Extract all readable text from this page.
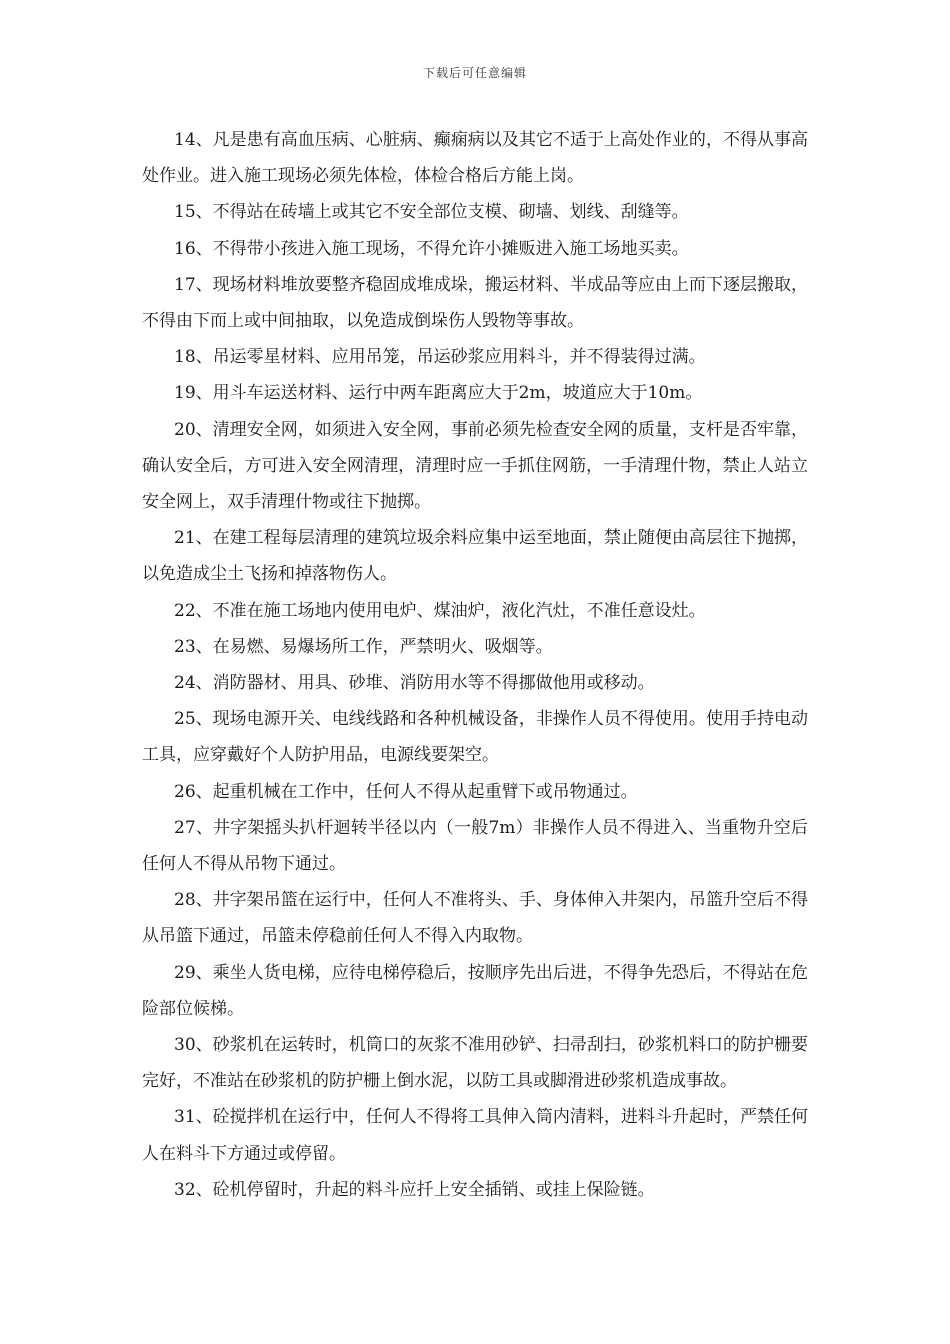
下载后可任意编辑

14、凡是患有高血压病、心脏病、癫痫病以及其它不适于上高处作业的，不得从事高处作业。进入施工现场必须先体检，体检合格后方能上岗。

15、不得站在砖墙上或其它不安全部位支模、砌墙、划线、刮缝等。

16、不得带小孩进入施工现场，不得允许小摊贩进入施工场地买卖。

17、现场材料堆放要整齐稳固成堆成垛，搬运材料、半成品等应由上而下逐层搬取，不得由下而上或中间抽取，以免造成倒垛伤人毁物等事故。

18、吊运零星材料、应用吊笼，吊运砂浆应用料斗，并不得装得过满。

19、用斗车运送材料、运行中两车距离应大于2m，坡道应大于10m。

20、清理安全网，如须进入安全网，事前必须先检查安全网的质量，支杆是否牢靠，确认安全后，方可进入安全网清理，清理时应一手抓住网筋，一手清理什物，禁止人站立安全网上，双手清理什物或往下抛掷。

21、在建工程每层清理的建筑垃圾余料应集中运至地面，禁止随便由高层往下抛掷，以免造成尘土飞扬和掉落物伤人。

22、不准在施工场地内使用电炉、煤油炉，液化汽灶，不准任意设灶。

23、在易燃、易爆场所工作，严禁明火、吸烟等。

24、消防器材、用具、砂堆、消防用水等不得挪做他用或移动。

25、现场电源开关、电线线路和各种机械设备，非操作人员不得使用。使用手持电动工具，应穿戴好个人防护用品，电源线要架空。

26、起重机械在工作中，任何人不得从起重臂下或吊物通过。

27、井字架摇头扒杆迴转半径以内（一般7m）非操作人员不得进入、当重物升空后任何人不得从吊物下通过。

28、井字架吊篮在运行中，任何人不准将头、手、身体伸入井架内，吊篮升空后不得从吊篮下通过，吊篮未停稳前任何人不得入内取物。

29、乘坐人货电梯，应待电梯停稳后，按顺序先出后进，不得争先恐后，不得站在危险部位候梯。

30、砂浆机在运转时，机筒口的灰浆不准用砂铲、扫帚刮扫，砂浆机料口的防护栅要完好，不准站在砂浆机的防护栅上倒水泥，以防工具或脚滑进砂浆机造成事故。

31、砼搅拌机在运行中，任何人不得将工具伸入筒内清料，进料斗升起时，严禁任何人在料斗下方通过或停留。

32、砼机停留时，升起的料斗应扦上安全插销、或挂上保险链。
